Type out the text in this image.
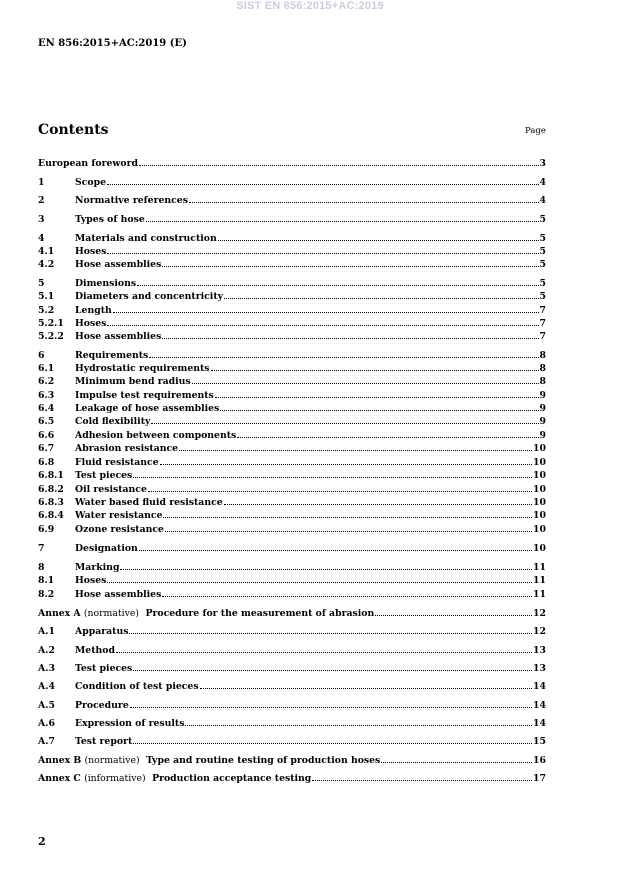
SIST EN 856:2015+AC:2019
EN 856:2015+AC:2019 (E)
Contents	Page
European foreword	3
1	Scope	4
2	Normative references	4
3	Types of hose	5
4	Materials and construction	5
4.1	Hoses	5
4.2	Hose assemblies	5
5	Dimensions	5
5.1	Diameters and concentricity	5
5.2	Length	7
5.2.1	Hoses	7
5.2.2	Hose assemblies	7
6	Requirements	8
6.1	Hydrostatic requirements	8
6.2	Minimum bend radius	8
6.3	Impulse test requirements	9
6.4	Leakage of hose assemblies	9
6.5	Cold flexibility	9
6.6	Adhesion between components	9
6.7	Abrasion resistance	10
6.8	Fluid resistance	10
6.8.1	Test pieces	10
6.8.2	Oil resistance	10
6.8.3	Water based fluid resistance	10
6.8.4	Water resistance	10
6.9	Ozone resistance	10
7	Designation	10
8	Marking	11
8.1	Hoses	11
8.2	Hose assemblies	11
Annex A (normative) Procedure for the measurement of abrasion	12
A.1	Apparatus	12
A.2	Method	13
A.3	Test pieces	13
A.4	Condition of test pieces	14
A.5	Procedure	14
A.6	Expression of results	14
A.7	Test report	15
Annex B (normative) Type and routine testing of production hoses	16
Annex C (informative) Production acceptance testing	17
2
